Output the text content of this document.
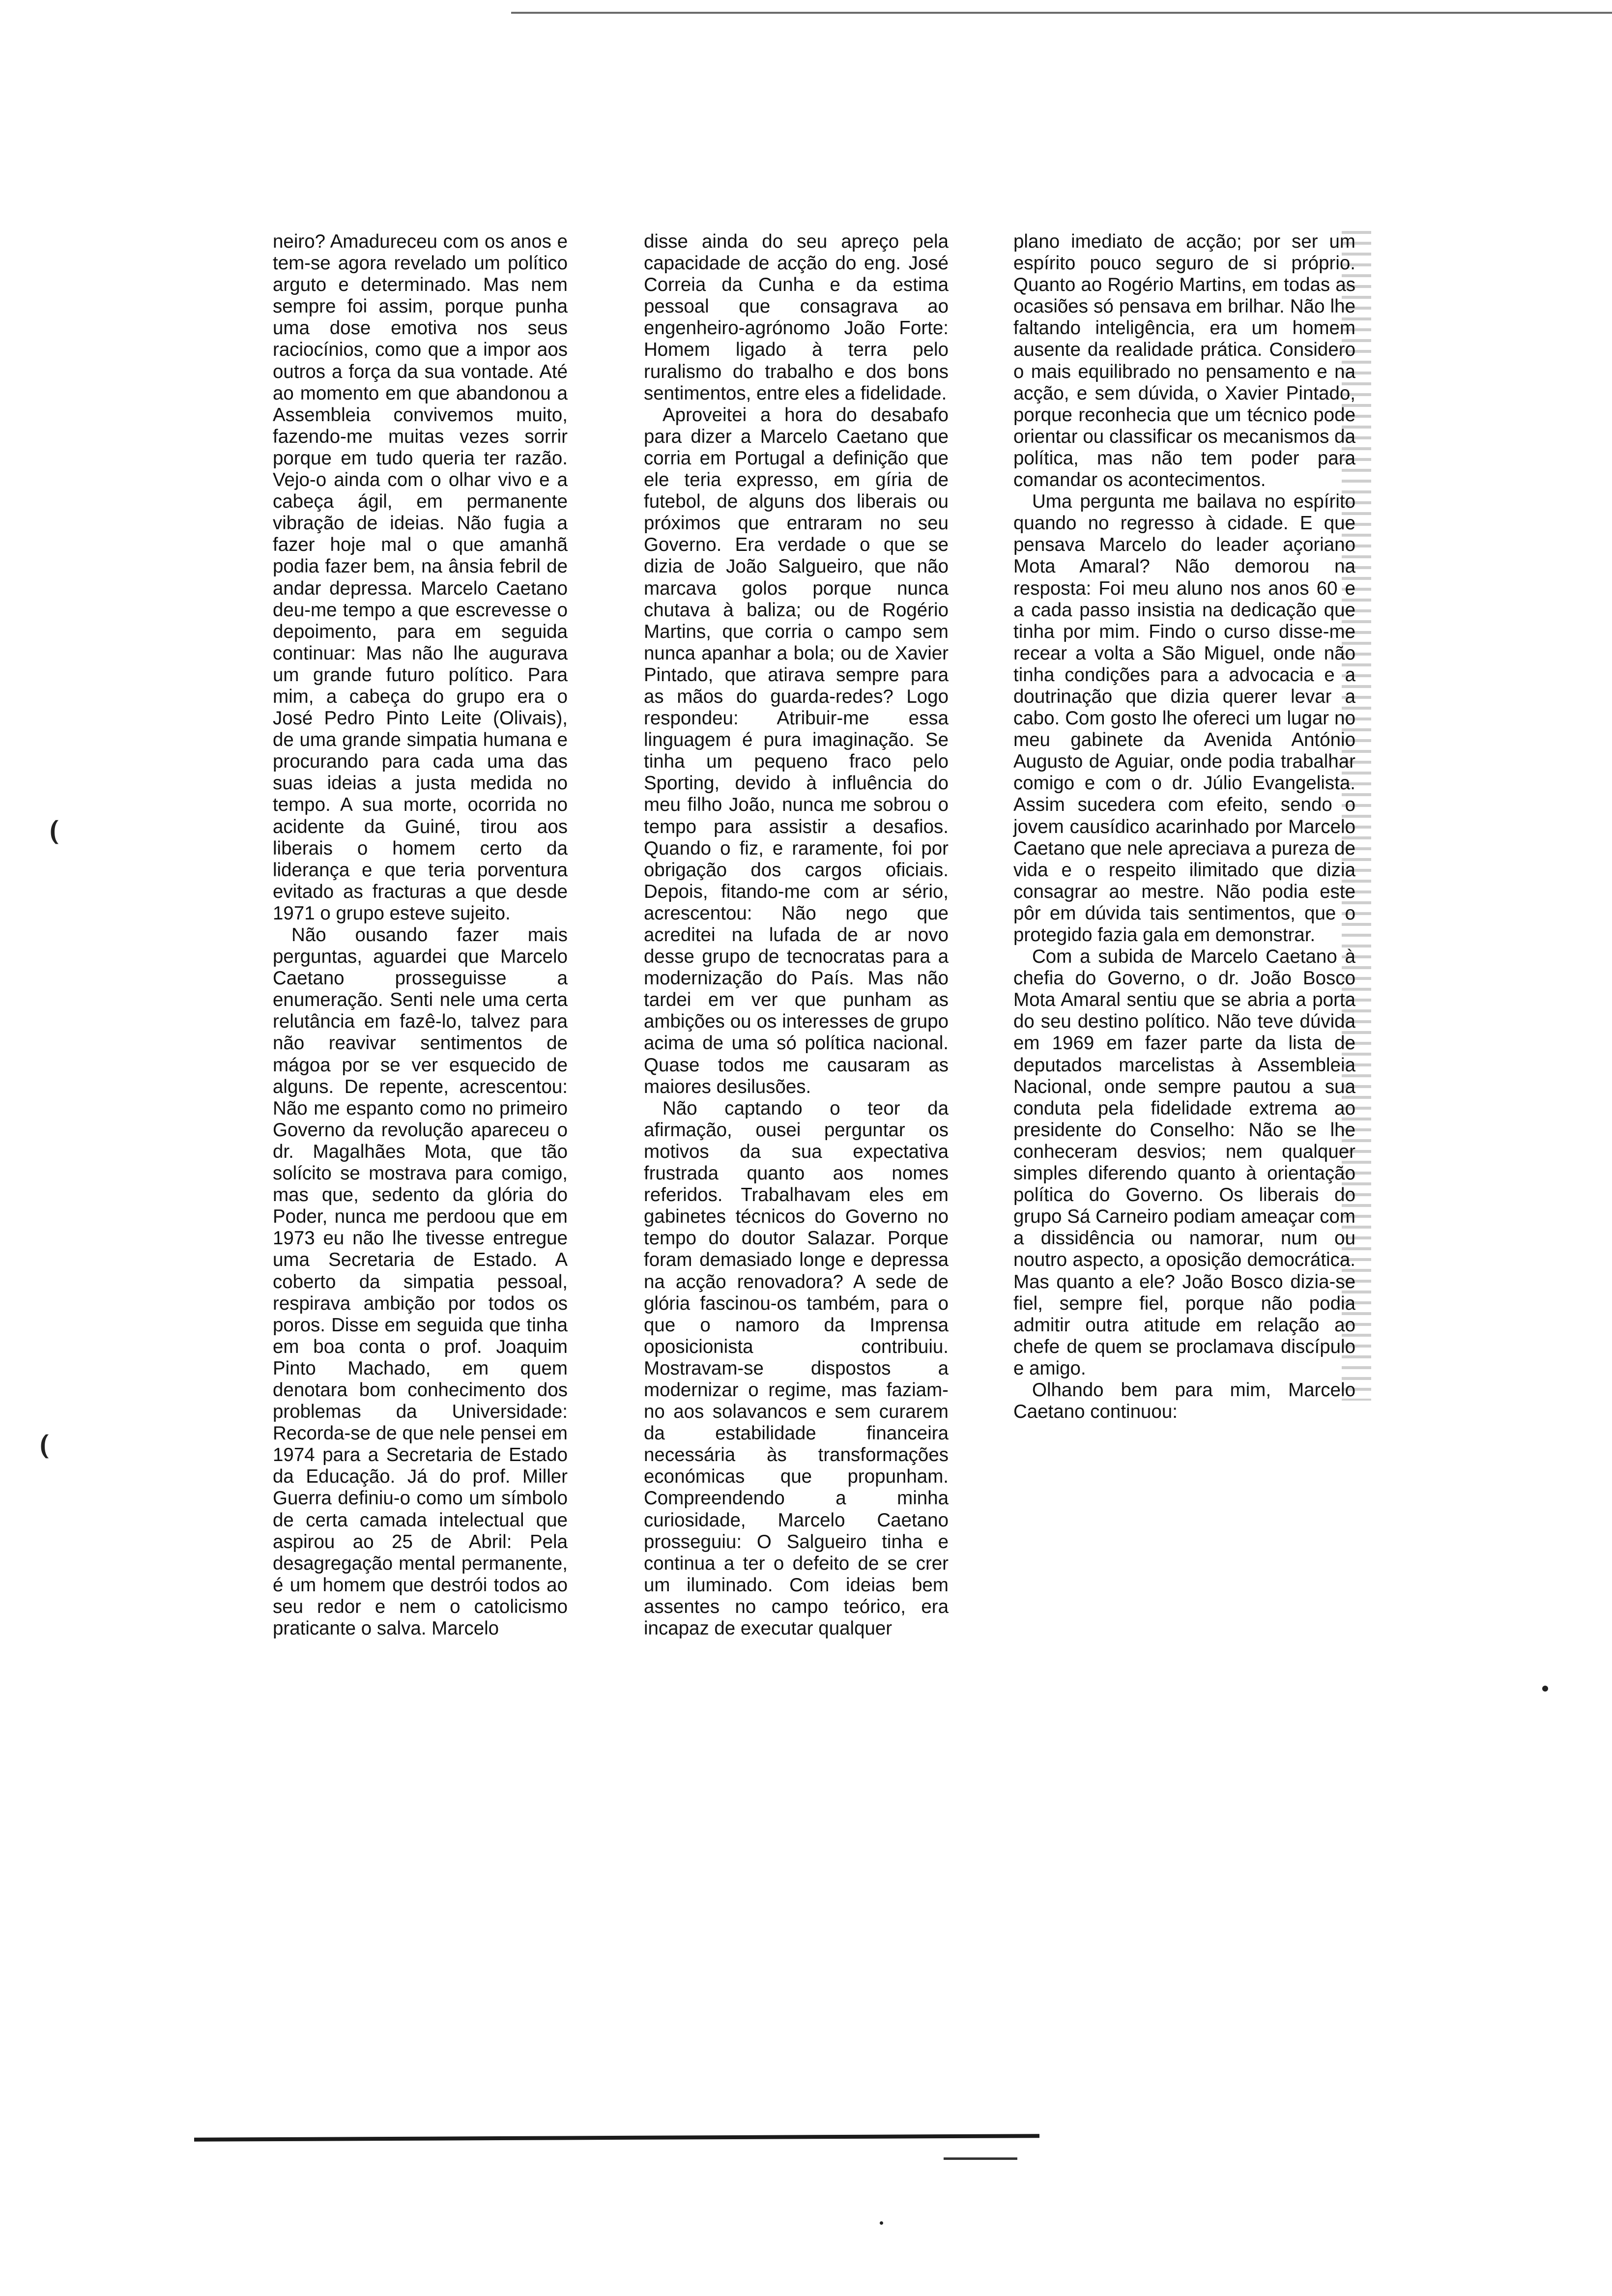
neiro? Amadureceu com os anos e tem-se agora revelado um político arguto e determinado. Mas nem sempre foi assim, porque punha uma dose emotiva nos seus raciocínios, como que a impor aos outros a força da sua vontade. Até ao momento em que abandonou a Assembleia convivemos muito, fazendo-me muitas vezes sorrir porque em tudo queria ter razão. Vejo-o ainda com o olhar vivo e a cabeça ágil, em permanente vibração de ideias. Não fugia a fazer hoje mal o que amanhã podia fazer bem, na ânsia febril de andar depressa. Marcelo Caetano deu-me tempo a que escrevesse o depoimento, para em seguida continuar: Mas não lhe augurava um grande futuro político. Para mim, a cabeça do grupo era o José Pedro Pinto Leite (Olivais), de uma grande simpatia humana e procurando para cada uma das suas ideias a justa medida no tempo. A sua morte, ocorrida no acidente da Guiné, tirou aos liberais o homem certo da liderança e que teria porventura evitado as fracturas a que desde 1971 o grupo esteve sujeito.

Não ousando fazer mais perguntas, aguardei que Marcelo Caetano prosseguisse a enumeração. Senti nele uma certa relutância em fazê-lo, talvez para não reavivar sentimentos de mágoa por se ver esquecido de alguns. De repente, acrescentou: Não me espanto como no primeiro Governo da revolução apareceu o dr. Magalhães Mota, que tão solícito se mostrava para comigo, mas que, sedento da glória do Poder, nunca me perdoou que em 1973 eu não lhe tivesse entregue uma Secretaria de Estado. A coberto da simpatia pessoal, respirava ambição por todos os poros. Disse em seguida que tinha em boa conta o prof. Joaquim Pinto Machado, em quem denotara bom conhecimento dos problemas da Universidade: Recorda-se de que nele pensei em 1974 para a Secretaria de Estado da Educação. Já do prof. Miller Guerra definiu-o como um símbolo de certa camada intelectual que aspirou ao 25 de Abril: Pela desagregação mental permanente, é um homem que destrói todos ao seu redor e nem o catolicismo praticante o salva. Marcelo

disse ainda do seu apreço pela capacidade de acção do eng. José Correia da Cunha e da estima pessoal que consagrava ao engenheiro-agrónomo João Forte: Homem ligado à terra pelo ruralismo do trabalho e dos bons sentimentos, entre eles a fidelidade.

Aproveitei a hora do desabafo para dizer a Marcelo Caetano que corria em Portugal a definição que ele teria expresso, em gíria de futebol, de alguns dos liberais ou próximos que entraram no seu Governo. Era verdade o que se dizia de João Salgueiro, que não marcava golos porque nunca chutava à baliza; ou de Rogério Martins, que corria o campo sem nunca apanhar a bola; ou de Xavier Pintado, que atirava sempre para as mãos do guarda-redes? Logo respondeu: Atribuir-me essa linguagem é pura imaginação. Se tinha um pequeno fraco pelo Sporting, devido à influência do meu filho João, nunca me sobrou o tempo para assistir a desafios. Quando o fiz, e raramente, foi por obrigação dos cargos oficiais. Depois, fitando-me com ar sério, acrescentou: Não nego que acreditei na lufada de ar novo desse grupo de tecnocratas para a modernização do País. Mas não tardei em ver que punham as ambições ou os interesses de grupo acima de uma só política nacional. Quase todos me causaram as maiores desilusões.

Não captando o teor da afirmação, ousei perguntar os motivos da sua expectativa frustrada quanto aos nomes referidos. Trabalhavam eles em gabinetes técnicos do Governo no tempo do doutor Salazar. Porque foram demasiado longe e depressa na acção renovadora? A sede de glória fascinou-os também, para o que o namoro da Imprensa oposicionista contribuiu. Mostravam-se dispostos a modernizar o regime, mas faziam-no aos solavancos e sem curarem da estabilidade financeira necessária às transformações económicas que propunham. Compreendendo a minha curiosidade, Marcelo Caetano prosseguiu: O Salgueiro tinha e continua a ter o defeito de se crer um iluminado. Com ideias bem assentes no campo teórico, era incapaz de executar qualquer

plano imediato de acção; por ser um espírito pouco seguro de si próprio. Quanto ao Rogério Martins, em todas as ocasiões só pensava em brilhar. Não lhe faltando inteligência, era um homem ausente da realidade prática. Considero o mais equilibrado no pensamento e na acção, e sem dúvida, o Xavier Pintado, porque reconhecia que um técnico pode orientar ou classificar os mecanismos da política, mas não tem poder para comandar os acontecimentos.

Uma pergunta me bailava no espírito quando no regresso à cidade. E que pensava Marcelo do leader açoriano Mota Amaral? Não demorou na resposta: Foi meu aluno nos anos 60 e a cada passo insistia na dedicação que tinha por mim. Findo o curso disse-me recear a volta a São Miguel, onde não tinha condições para a advocacia e a doutrinação que dizia querer levar a cabo. Com gosto lhe ofereci um lugar no meu gabinete da Avenida António Augusto de Aguiar, onde podia trabalhar comigo e com o dr. Júlio Evangelista. Assim sucedera com efeito, sendo o jovem causídico acarinhado por Marcelo Caetano que nele apreciava a pureza de vida e o respeito ilimitado que dizia consagrar ao mestre. Não podia este pôr em dúvida tais sentimentos, que o protegido fazia gala em demonstrar.

Com a subida de Marcelo Caetano à chefia do Governo, o dr. João Bosco Mota Amaral sentiu que se abria a porta do seu destino político. Não teve dúvida em 1969 em fazer parte da lista de deputados marcelistas à Assembleia Nacional, onde sempre pautou a sua conduta pela fidelidade extrema ao presidente do Conselho: Não se lhe conheceram desvios; nem qualquer simples diferendo quanto à orientação política do Governo. Os liberais do grupo Sá Carneiro podiam ameaçar com a dissidência ou namorar, num ou noutro aspecto, a oposição democrática. Mas quanto a ele? João Bosco dizia-se fiel, sempre fiel, porque não podia admitir outra atitude em relação ao chefe de quem se proclamava discípulo e amigo.

Olhando bem para mim, Marcelo Caetano continuou:

⌣
⌣
